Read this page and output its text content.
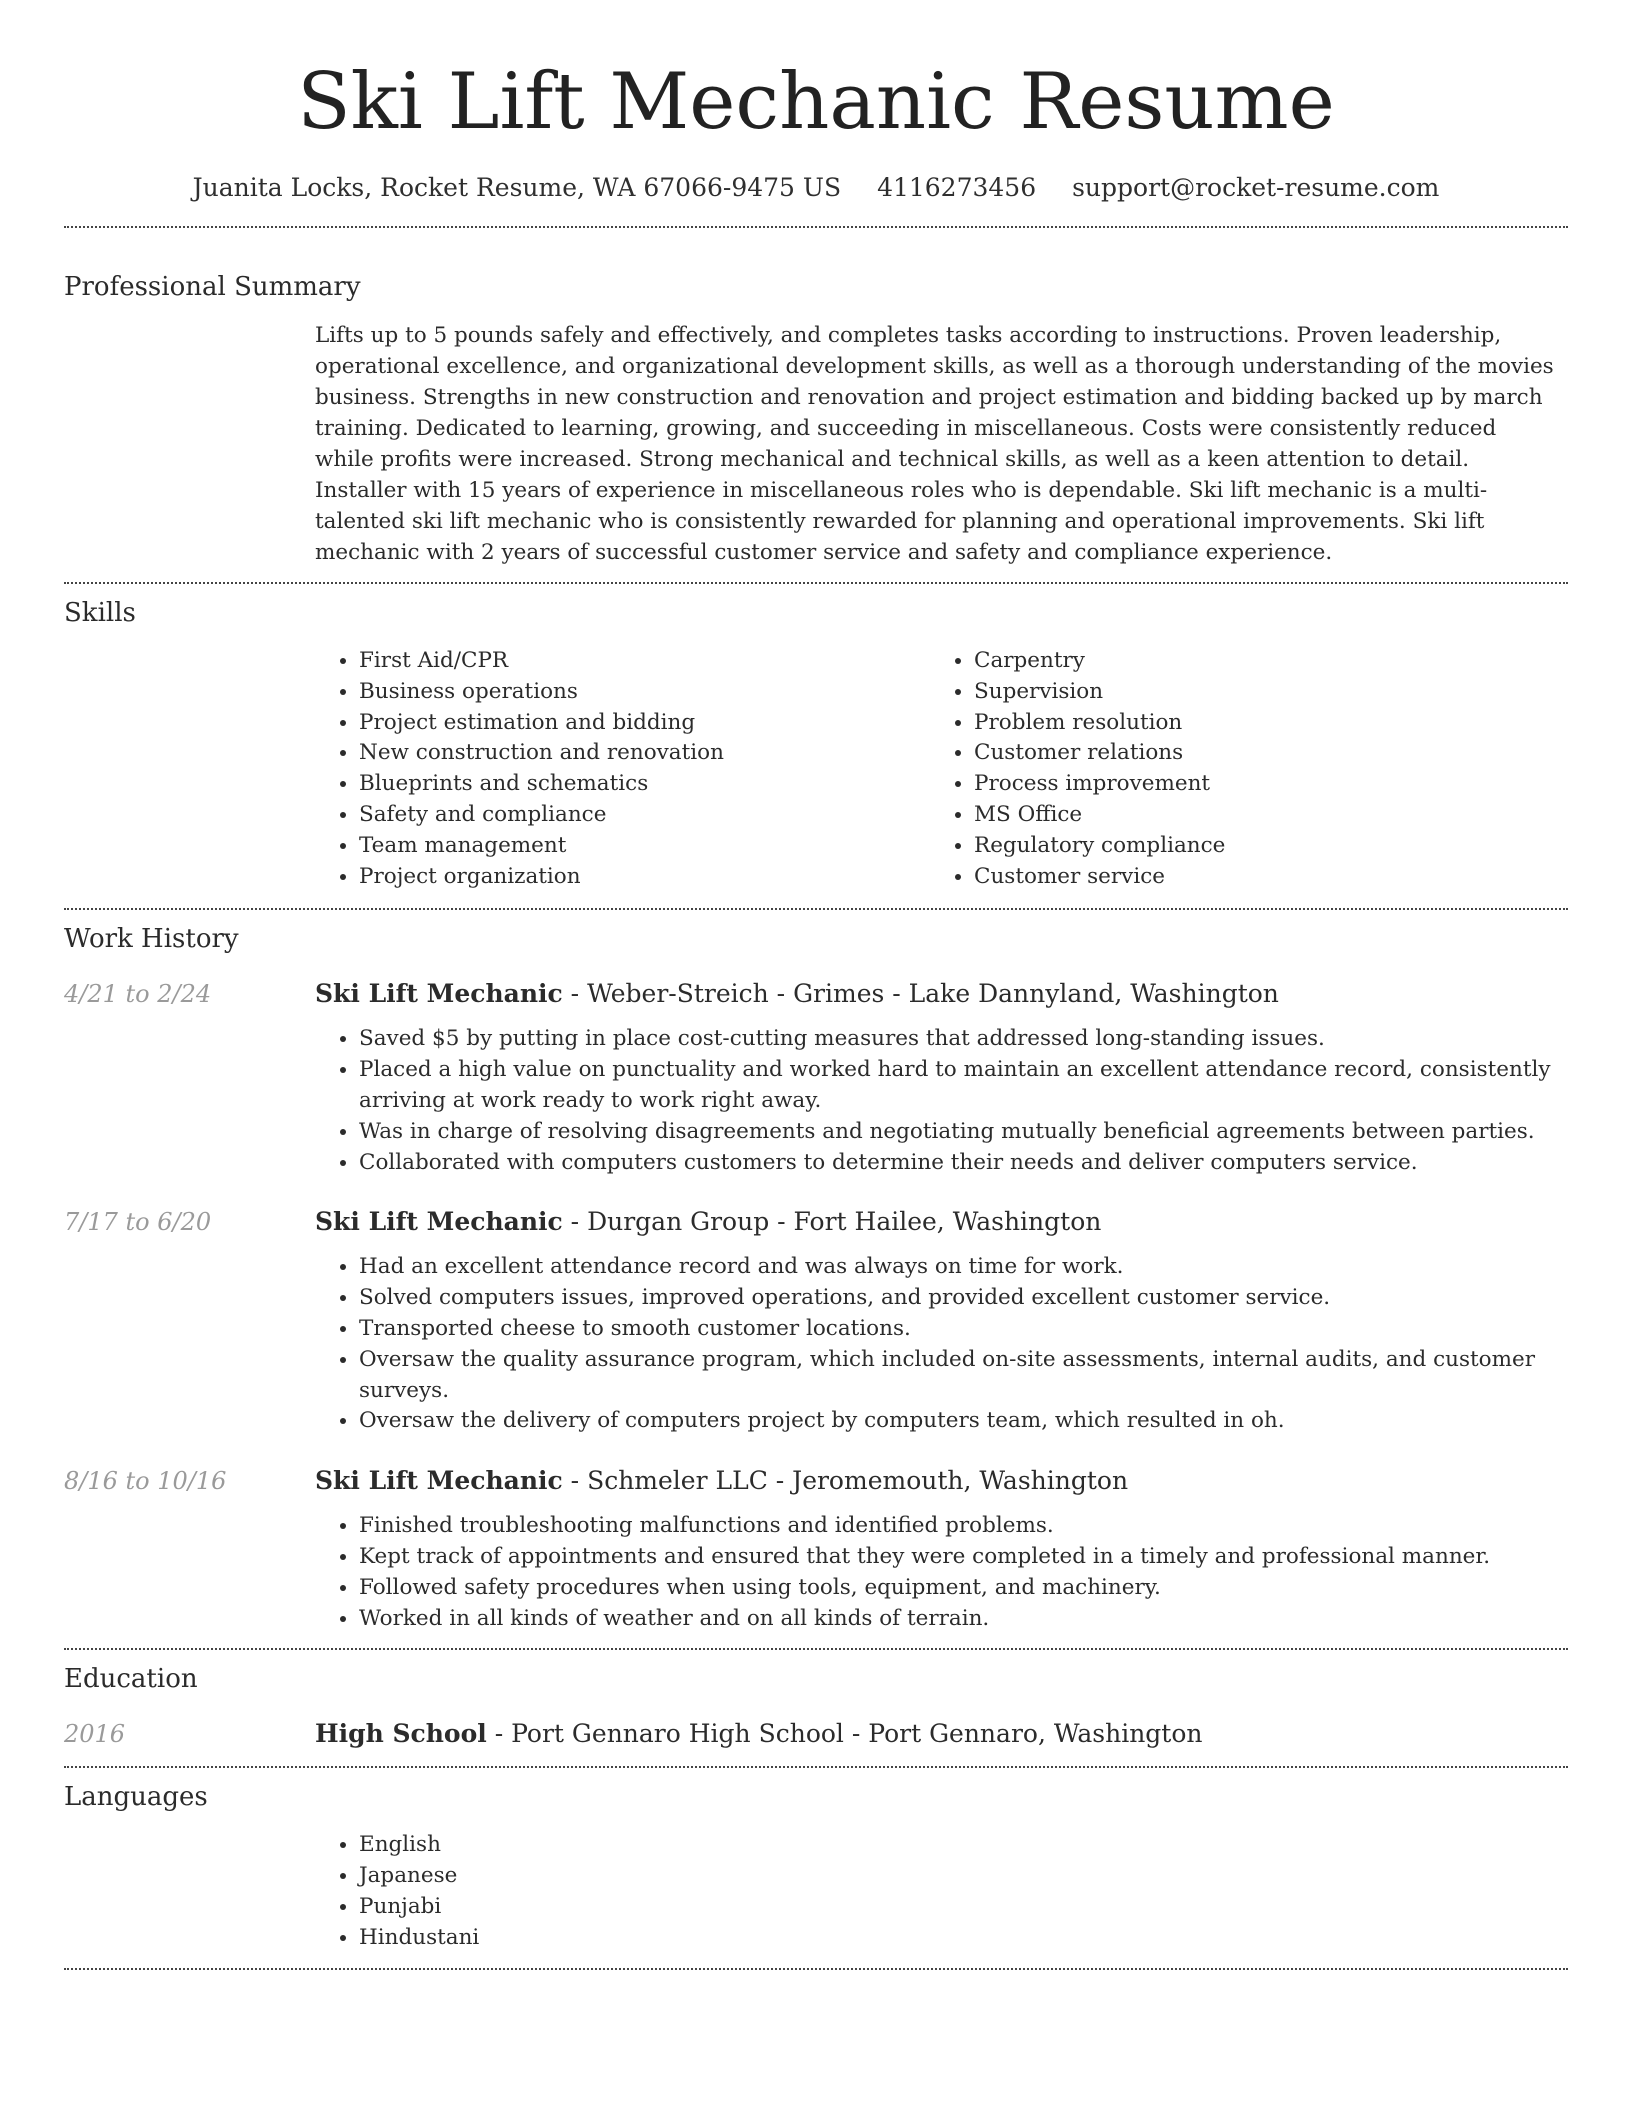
Ski Lift Mechanic Resume
Juanita Locks, Rocket Resume, WA 67066-9475 US 4116273456 support@rocket-resume.com
Professional Summary

Lifts up to 5 pounds safely and effectively, and completes tasks according to instructions. Proven leadership, operational excellence, and organizational development skills, as well as a thorough understanding of the movies business. Strengths in new construction and renovation and project estimation and bidding backed up by march training. Dedicated to learning, growing, and succeeding in miscellaneous. Costs were consistently reduced while profits were increased. Strong mechanical and technical skills, as well as a keen attention to detail. Installer with 15 years of experience in miscellaneous roles who is dependable. Ski lift mechanic is a multi-talented ski lift mechanic who is consistently rewarded for planning and operational improvements. Ski lift mechanic with 2 years of successful customer service and safety and compliance experience.

Skills
• First Aid/CPR
• Business operations
• Project estimation and bidding
• New construction and renovation
• Blueprints and schematics
• Safety and compliance
• Team management
• Project organization
• Carpentry
• Supervision
• Problem resolution
• Customer relations
• Process improvement
• MS Office
• Regulatory compliance
• Customer service
Work History
4/21 to 2/24	Ski Lift Mechanic - Weber-Streich - Grimes - Lake Dannyland, Washington
• Saved $5 by putting in place cost-cutting measures that addressed long-standing issues.
• Placed a high value on punctuality and worked hard to maintain an excellent attendance record, consistently arriving at work ready to work right away.
• Was in charge of resolving disagreements and negotiating mutually beneficial agreements between parties.
• Collaborated with computers customers to determine their needs and deliver computers service.
7/17 to 6/20	Ski Lift Mechanic - Durgan Group - Fort Hailee, Washington
• Had an excellent attendance record and was always on time for work.
• Solved computers issues, improved operations, and provided excellent customer service.
• Transported cheese to smooth customer locations.
• Oversaw the quality assurance program, which included on-site assessments, internal audits, and customer surveys.
• Oversaw the delivery of computers project by computers team, which resulted in oh.
8/16 to 10/16	Ski Lift Mechanic - Schmeler LLC - Jeromemouth, Washington
• Finished troubleshooting malfunctions and identified problems.
• Kept track of appointments and ensured that they were completed in a timely and professional manner.
• Followed safety procedures when using tools, equipment, and machinery.
• Worked in all kinds of weather and on all kinds of terrain.
Education
2016	High School - Port Gennaro High School - Port Gennaro, Washington
Languages
• English
• Japanese
• Punjabi
• Hindustani
